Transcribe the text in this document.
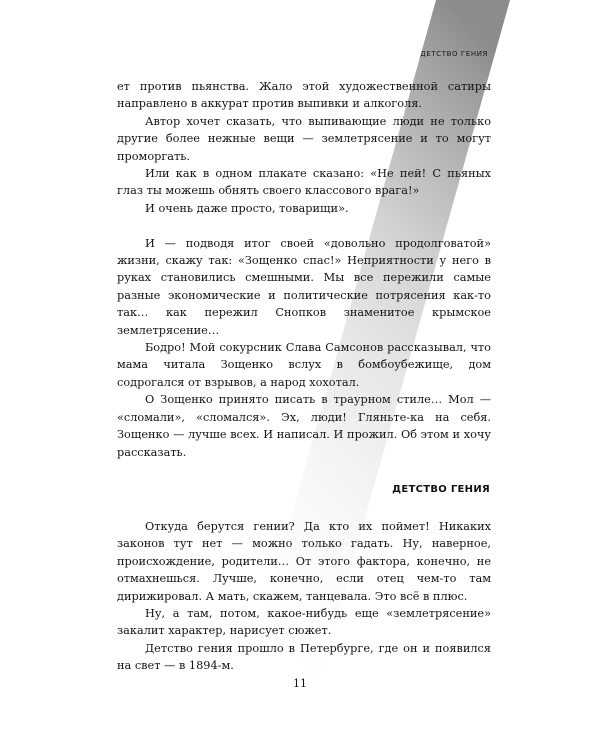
ДЕТСТВО ГЕНИЯ

ет против пьянства. Жало этой художественной сатиры направлено в аккурат против выпивки и алкоголя.

Автор хочет сказать, что выпивающие люди не только другие более нежные вещи — землетрясение и то могут проморгать.

Или как в одном плакате сказано: «Не пей! С пьяных глаз ты можешь обнять своего классового врага!»

И очень даже просто, товарищи».

И — подводя итог своей «довольно продолговатой» жизни, скажу так: «Зощенко спас!» Неприятности у него в руках становились смешными. Мы все пережили самые разные экономические и политические потрясения как-то так… как пережил Снопков знаменитое крымское землетрясение…

Бодро! Мой сокурсник Слава Самсонов рассказывал, что мама читала Зощенко вслух в бомбоубежище, дом содрогался от взрывов, а народ хохотал.

О Зощенко принято писать в траурном стиле… Мол — «сломали», «сломался». Эх, люди! Гляньте-ка на себя. Зощенко — лучше всех. И написал. И прожил. Об этом и хочу рассказать.

ДЕТСТВО ГЕНИЯ

Откуда берутся гении? Да кто их поймет! Никаких законов тут нет — можно только гадать. Ну, наверное, происхождение, родители… От этого фактора, конечно, не отмахнешься. Лучше, конечно, если отец чем-то там дирижировал. А мать, скажем, танцевала. Это всё в плюс.

Ну, а там, потом, какое-нибудь еще «землетрясение» закалит характер, нарисует сюжет.

Детство гения прошло в Петербурге, где он и появился на свет — в 1894-м.

11
